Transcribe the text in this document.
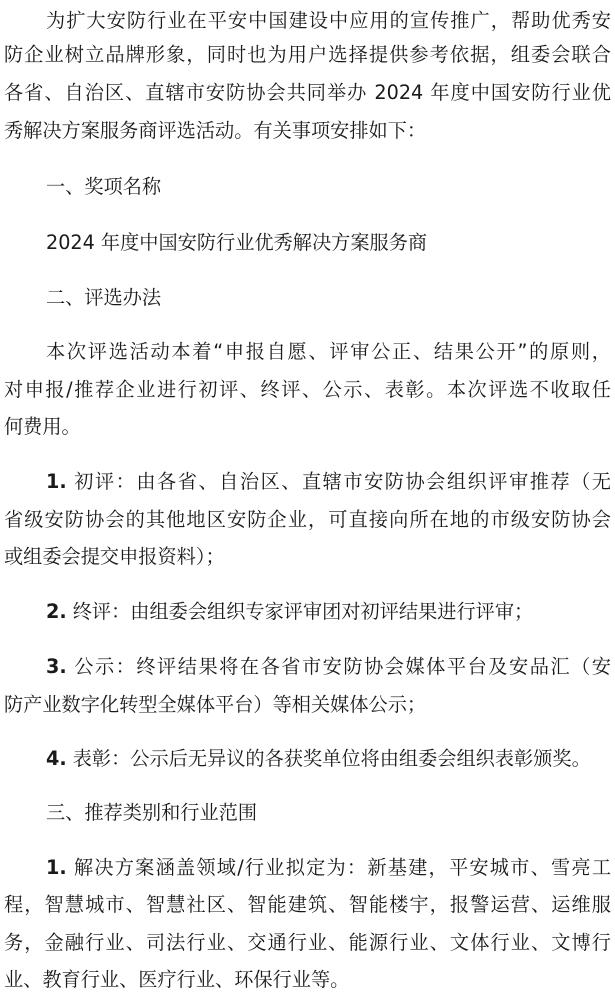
为扩大安防行业在平安中国建设中应用的宣传推广，帮助优秀安
防企业树立品牌形象，同时也为用户选择提供参考依据，组委会联合
各省、自治区、直辖市安防协会共同举办 2024 年度中国安防行业优
秀解决方案服务商评选活动。有关事项安排如下：
一、奖项名称
2024 年度中国安防行业优秀解决方案服务商
二、评选办法
本次评选活动本着“申报自愿、评审公正、结果公开”的原则，
对申报/推荐企业进行初评、终评、公示、表彰。本次评选不收取任
何费用。
1. 初评：由各省、自治区、直辖市安防协会组织评审推荐（无
省级安防协会的其他地区安防企业，可直接向所在地的市级安防协会
或组委会提交申报资料）；
2. 终评：由组委会组织专家评审团对初评结果进行评审；
3. 公示：终评结果将在各省市安防协会媒体平台及安品汇（安
防产业数字化转型全媒体平台）等相关媒体公示；
4. 表彰：公示后无异议的各获奖单位将由组委会组织表彰颁奖。
三、推荐类别和行业范围
1. 解决方案涵盖领域/行业拟定为：新基建，平安城市、雪亮工
程，智慧城市、智慧社区、智能建筑、智能楼宇，报警运营、运维服
务，金融行业、司法行业、交通行业、能源行业、文体行业、文博行
业、教育行业、医疗行业、环保行业等。
